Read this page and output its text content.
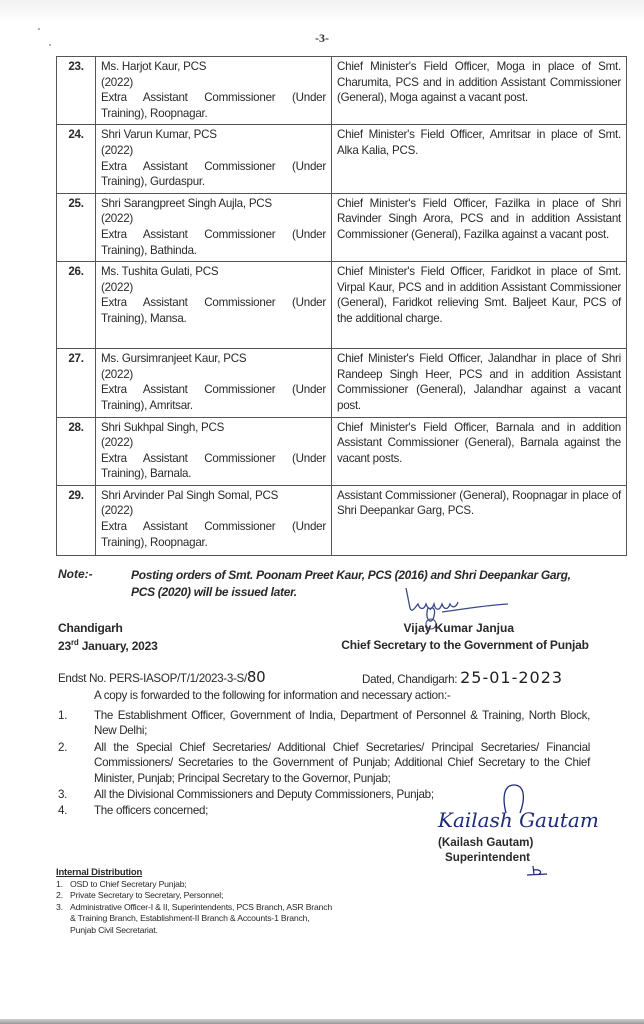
-3-
23.	Ms. Harjot Kaur, PCS
(2022)
Extra Assistant Commissioner (Under
Training), Roopnagar.	Chief Minister's Field Officer, Moga in place of Smt. Charumita, PCS and in addition Assistant Commissioner (General), Moga against a vacant post.
24.	Shri Varun Kumar, PCS
(2022)
Extra Assistant Commissioner (Under
Training), Gurdaspur.	Chief Minister's Field Officer, Amritsar in place of Smt. Alka Kalia, PCS.
25.	Shri Sarangpreet Singh Aujla, PCS
(2022)
Extra Assistant Commissioner (Under
Training), Bathinda.	Chief Minister's Field Officer, Fazilka in place of Shri Ravinder Singh Arora, PCS and in addition Assistant Commissioner (General), Fazilka against a vacant post.
26.	Ms. Tushita Gulati, PCS
(2022)
Extra Assistant Commissioner (Under
Training), Mansa.	Chief Minister's Field Officer, Faridkot in place of Smt. Virpal Kaur, PCS and in addition Assistant Commissioner (General), Faridkot relieving Smt. Baljeet Kaur, PCS of the additional charge.
27.	Ms. Gursimranjeet Kaur, PCS
(2022)
Extra Assistant Commissioner (Under
Training), Amritsar.	Chief Minister's Field Officer, Jalandhar in place of Shri Randeep Singh Heer, PCS and in addition Assistant Commissioner (General), Jalandhar against a vacant post.
28.	Shri Sukhpal Singh, PCS
(2022)
Extra Assistant Commissioner (Under
Training), Barnala.	Chief Minister's Field Officer, Barnala and in addition Assistant Commissioner (General), Barnala against the vacant posts.
29.	Shri Arvinder Pal Singh Somal, PCS
(2022)
Extra Assistant Commissioner (Under
Training), Roopnagar.	Assistant Commissioner (General), Roopnagar in place of Shri Deepankar Garg, PCS.
Note:-	Posting orders of Smt. Poonam Preet Kaur, PCS (2016) and Shri Deepankar Garg, PCS (2020) will be issued later.
Chandigarh
23rd January, 2023
Vijay Kumar Janjua
Chief Secretary to the Government of Punjab
Endst No. PERS-IASOP/T/1/2023-3-S/80	Dated, Chandigarh: 25-01-2023
A copy is forwarded to the following for information and necessary action:-
1.	The Establishment Officer, Government of India, Department of Personnel & Training, North Block, New Delhi;
2.	All the Special Chief Secretaries/ Additional Chief Secretaries/ Principal Secretaries/ Financial Commissioners/ Secretaries to the Government of Punjab; Additional Chief Secretary to the Chief Minister, Punjab; Principal Secretary to the Governor, Punjab;
3.	All the Divisional Commissioners and Deputy Commissioners, Punjab;
4.	The officers concerned;	Kailash Gautam
(Kailash Gautam)
Superintendent
Internal Distribution
1. OSD to Chief Secretary Punjab;
2. Private Secretary to Secretary, Personnel;
3. Administrative Officer-I & II, Superintendents, PCS Branch, ASR Branch & Training Branch, Establishment-II Branch & Accounts-1 Branch, Punjab Civil Secretariat.
